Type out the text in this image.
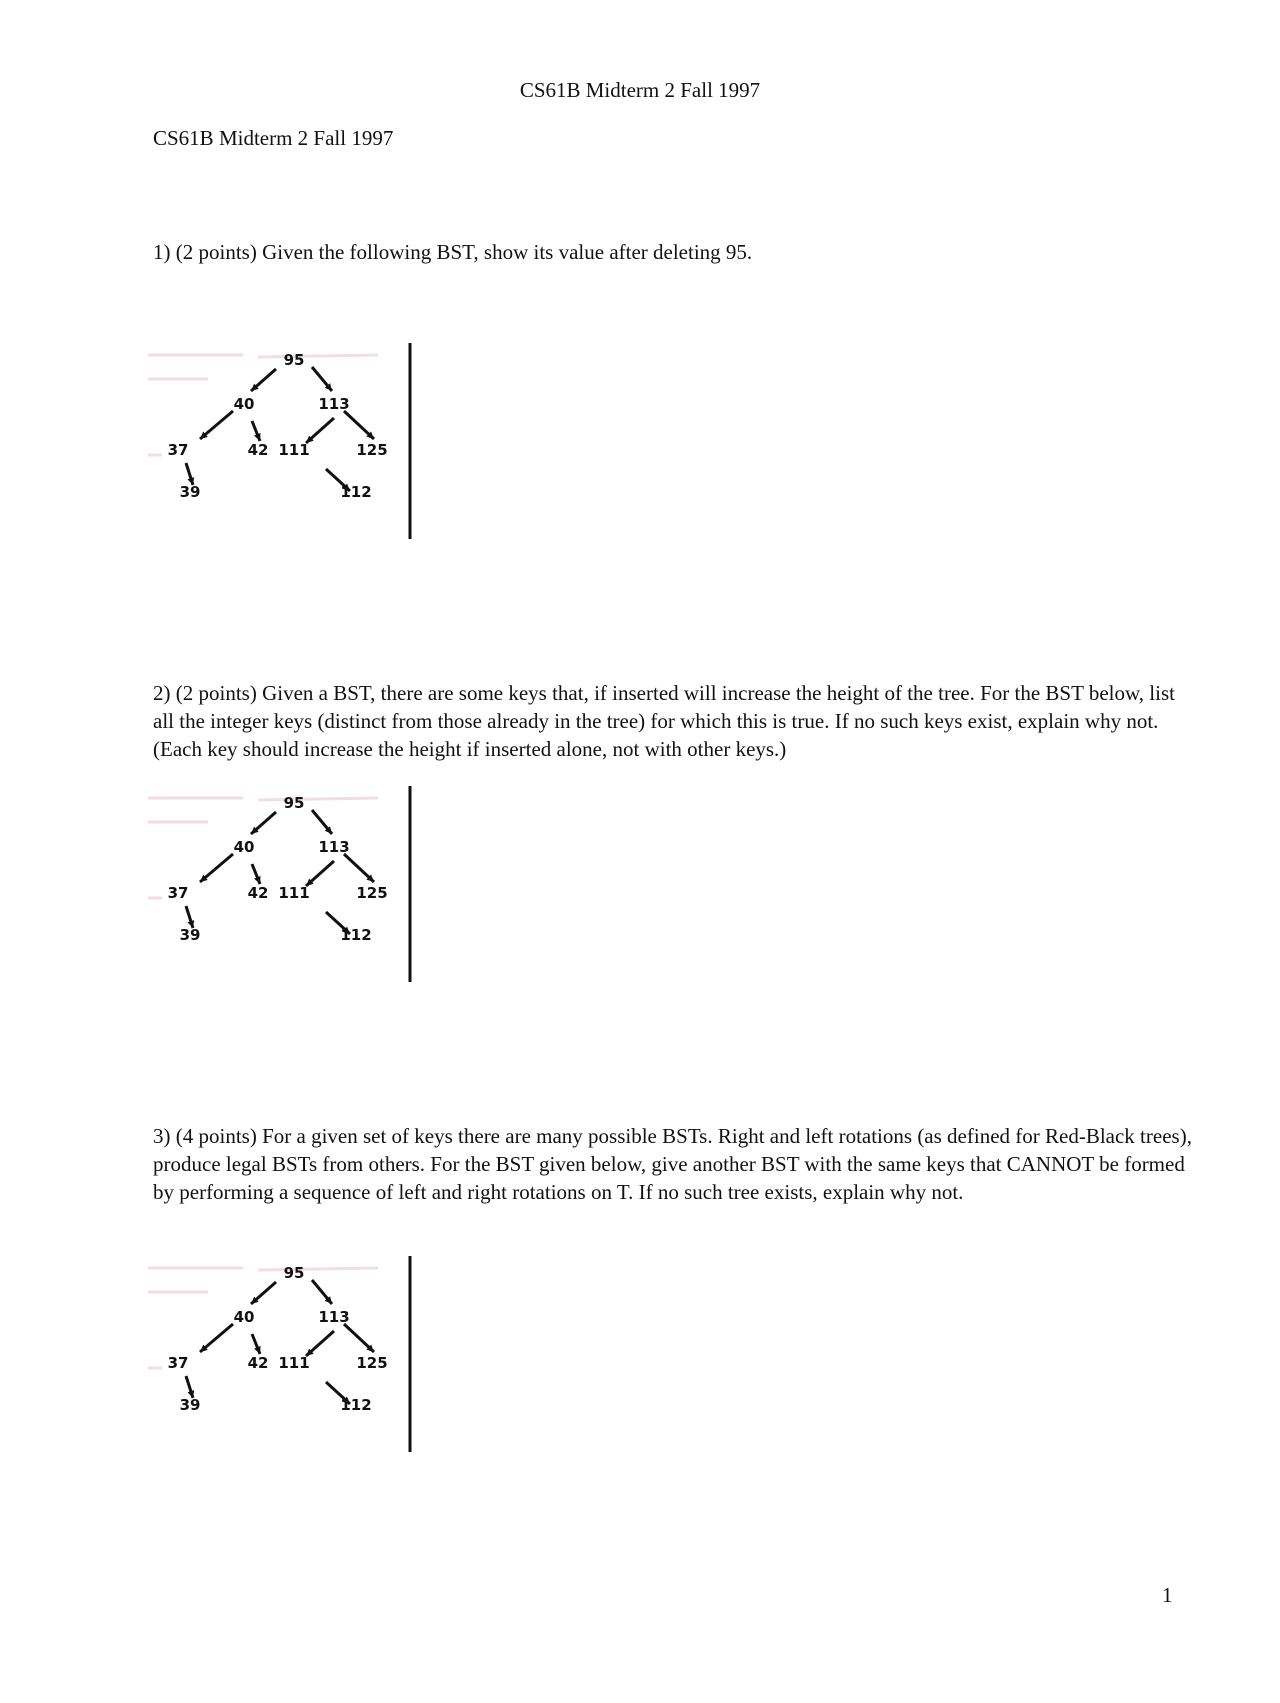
CS61B Midterm 2 Fall 1997
CS61B Midterm 2 Fall 1997
1) (2 points) Given the following BST, show its value after deleting 95.
95
40	113
37	42 111	125
39	112
2) (2 points) Given a BST, there are some keys that, if inserted will increase the height of the tree. For the BST below, list all the integer keys (distinct from those already in the tree) for which this is true. If no such keys exist, explain why not. (Each key should increase the height if inserted alone, not with other keys.)
95
40	113
37	42 111	125
39	112
3) (4 points) For a given set of keys there are many possible BSTs. Right and left rotations (as defined for Red-Black trees), produce legal BSTs from others. For the BST given below, give another BST with the same keys that CANNOT be formed by performing a sequence of left and right rotations on T. If no such tree exists, explain why not.
95
40	113
37	42 111	125
39	112
1
